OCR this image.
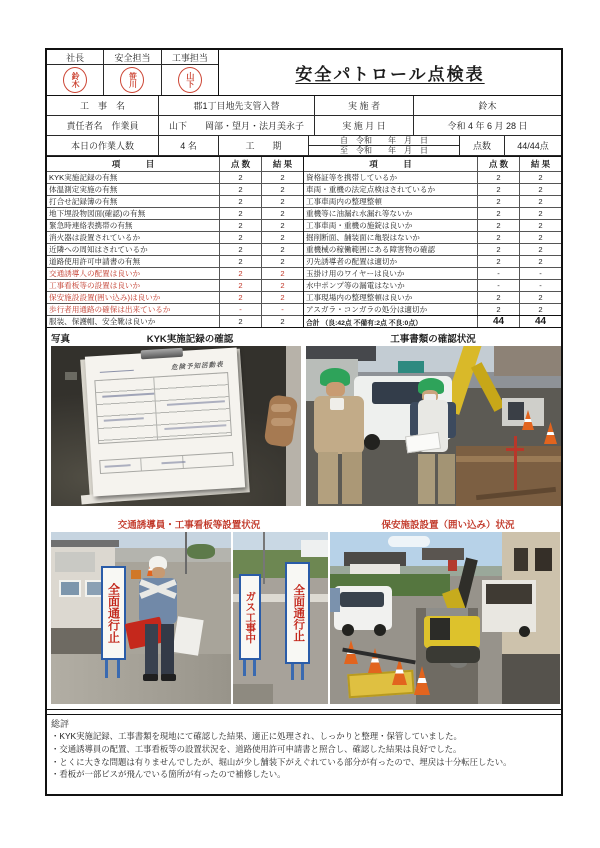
社長
鈴木
安全担当
笹川
工事担当
山下	安全パトロール点検表
工　事　名	郡1丁目地先支管入替	実 施 者	鈴木
責任者名　作業員	山下　　岡部・望月・法月美永子	実 施 月 日	令和 4 年 6 月 28 日
本日の作業人数	4 名	工　　期
自　令和　　年　月　日
至　令和　　年　月　日	点数	44/44点
項　　　目	点 数	結 果
KYK実施記録の有無	2	2
体温測定実施の有無	2	2
打合せ記録簿の有無	2	2
地下埋設物図面(確認)の有無	2	2
緊急時連絡表携帯の有無	2	2
消火器は設置されているか	2	2
近隣への周知はされているか	2	2
道路使用許可申請書の有無	2	2
交通誘導人の配置は良いか	2	2
工事看板等の設置は良いか	2	2
保安施設設置(囲い込み)は良いか	2	2
歩行者用通路の確保は出来ているか	-	-
服装、保護帽、安全靴は良いか	2	2
項　　　目	点 数	結 果
資格証等を携帯しているか	2	2
車両・重機の法定点検はされているか	2	2
工事車両内の整理整頓	2	2
重機等に油漏れ水漏れ等ないか	2	2
工事車両・重機の施錠は良いか	2	2
掘削断面、舗装面に亀裂はないか	2	2
重機械の稼働範囲にある障害物の確認	2	2
刃先誘導者の配置は適切か	2	2
玉掛け用のワイヤーは良いか	-	-
水中ポンプ等の漏電はないか	-	-
工事現場内の整理整頓は良いか	2	2
アスガラ・コンガラの処分は適切か	2	2
合計 （良:42点 不備有:2点 不良:0点）	44	44
写真	KYK実施記録の確認	工事書類の確認状況
危険予知活動表
交通誘導員・工事看板等設置状況	保安施設設置（囲い込み）状況
全面通行止	ガス工事中	全面通行止
総評
・KYK実施記録、工事書類を現地にて確認した結果、適正に処理され、しっかりと整理・保管していました。
・交通誘導員の配置、工事看板等の設置状況を、道路使用許可申請書と照合し、確認した結果は良好でした。
・とくに大きな問題は有りませんでしたが、堀山が少し舗装下がえぐれている部分が有ったので、埋戻は十分転圧したい。
・看板が一部ビスが飛んでいる箇所が有ったので補修したい。
